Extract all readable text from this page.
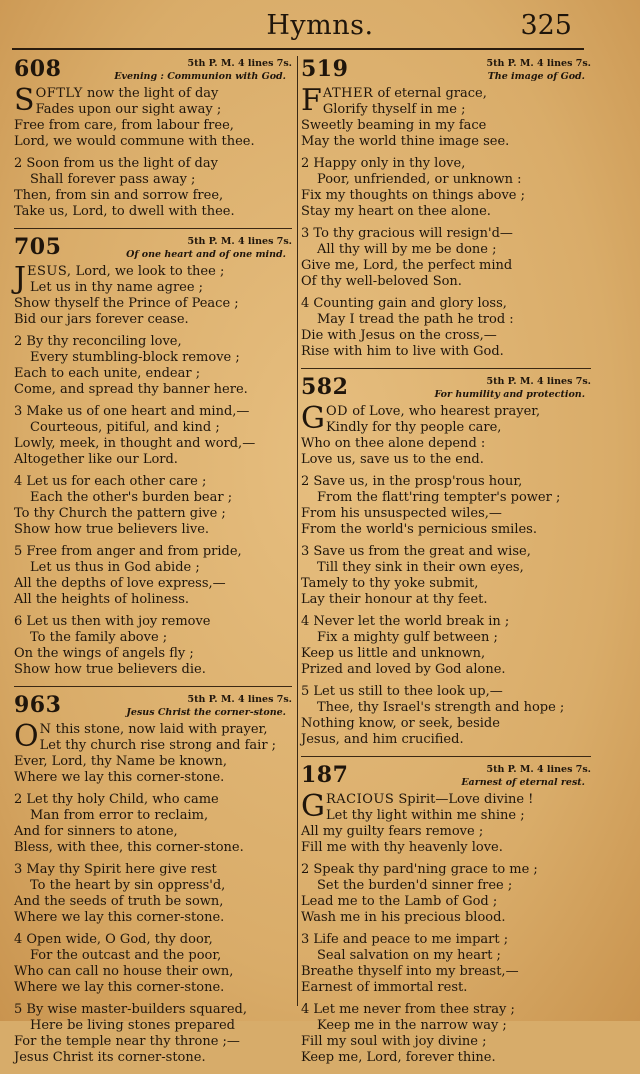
Hymns.	325
608	5th P. M. 4 lines 7s.
Evening : Communion with God.
SOFTLY now the light of day
Fades upon our sight away ;
Free from care, from labour free,
Lord, we would commune with thee.
2 Soon from us the light of day
Shall forever pass away ;
Then, from sin and sorrow free,
Take us, Lord, to dwell with thee.
705	5th P. M. 4 lines 7s.
Of one heart and of one mind.
JESUS, Lord, we look to thee ;
Let us in thy name agree ;
Show thyself the Prince of Peace ;
Bid our jars forever cease.
2 By thy reconciling love,
Every stumbling-block remove ;
Each to each unite, endear ;
Come, and spread thy banner here.
3 Make us of one heart and mind,—
Courteous, pitiful, and kind ;
Lowly, meek, in thought and word,—
Altogether like our Lord.
4 Let us for each other care ;
Each the other's burden bear ;
To thy Church the pattern give ;
Show how true believers live.
5 Free from anger and from pride,
Let us thus in God abide ;
All the depths of love express,—
All the heights of holiness.
6 Let us then with joy remove
To the family above ;
On the wings of angels fly ;
Show how true believers die.
963	5th P. M. 4 lines 7s.
Jesus Christ the corner-stone.
O N this stone, now laid with prayer,
Let thy church rise strong and fair ;
Ever, Lord, thy Name be known,
Where we lay this corner-stone.
2 Let thy holy Child, who came
Man from error to reclaim,
And for sinners to atone,
Bless, with thee, this corner-stone.
3 May thy Spirit here give rest
To the heart by sin oppress'd,
And the seeds of truth be sown,
Where we lay this corner-stone.
4 Open wide, O God, thy door,
For the outcast and the poor,
Who can call no house their own,
Where we lay this corner-stone.
5 By wise master-builders squared,
Here be living stones prepared
For the temple near thy throne ;—
Jesus Christ its corner-stone.
519	5th P. M. 4 lines 7s.
The image of God.
FATHER of eternal grace,
Glorify thyself in me ;
Sweetly beaming in my face
May the world thine image see.
2 Happy only in thy love,
Poor, unfriended, or unknown :
Fix my thoughts on things above ;
Stay my heart on thee alone.
3 To thy gracious will resign'd—
All thy will by me be done ;
Give me, Lord, the perfect mind
Of thy well-beloved Son.
4 Counting gain and glory loss,
May I tread the path he trod :
Die with Jesus on the cross,—
Rise with him to live with God.
582	5th P. M. 4 lines 7s.
For humility and protection.
GOD of Love, who hearest prayer,
Kindly for thy people care,
Who on thee alone depend :
Love us, save us to the end.
2 Save us, in the prosp'rous hour,
From the flatt'ring tempter's power ;
From his unsuspected wiles,—
From the world's pernicious smiles.
3 Save us from the great and wise,
Till they sink in their own eyes,
Tamely to thy yoke submit,
Lay their honour at thy feet.
4 Never let the world break in ;
Fix a mighty gulf between ;
Keep us little and unknown,
Prized and loved by God alone.
5 Let us still to thee look up,—
Thee, thy Israel's strength and hope ;
Nothing know, or seek, beside
Jesus, and him crucified.
187	5th P. M. 4 lines 7s.
Earnest of eternal rest.
GRACIOUS Spirit—Love divine !
Let thy light within me shine ;
All my guilty fears remove ;
Fill me with thy heavenly love.
2 Speak thy pard'ning grace to me ;
Set the burden'd sinner free ;
Lead me to the Lamb of God ;
Wash me in his precious blood.
3 Life and peace to me impart ;
Seal salvation on my heart ;
Breathe thyself into my breast,—
Earnest of immortal rest.
4 Let me never from thee stray ;
Keep me in the narrow way ;
Fill my soul with joy divine ;
Keep me, Lord, forever thine.
